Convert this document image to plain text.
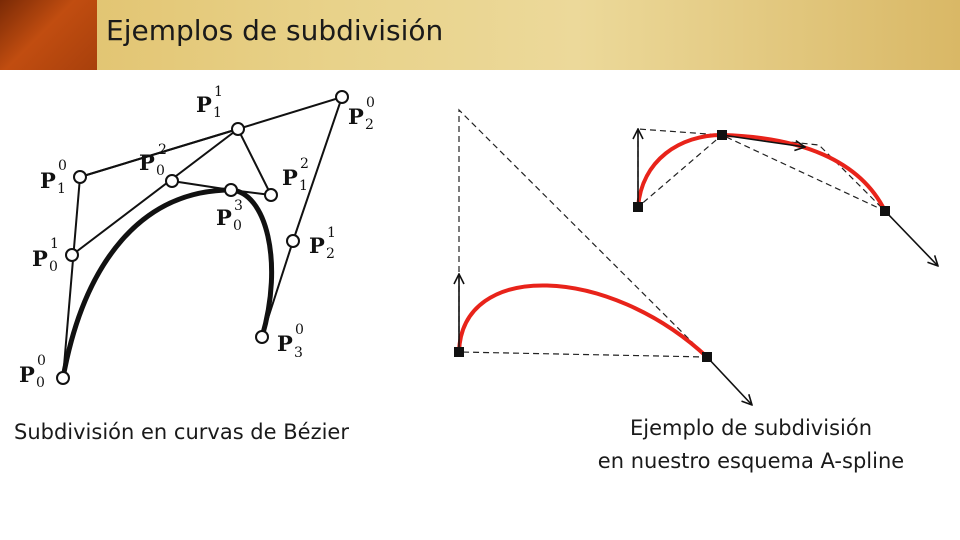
Ejemplos de subdivisión
P 1
1
P 2
0
P 1
0	P 0
2
P 1
2
P 0
3
P 0
1	P 2
1
P 3
0
P 0
0
Subdivisión en curvas de Bézier	Ejemplo de subdivisión
en nuestro esquema A-spline
